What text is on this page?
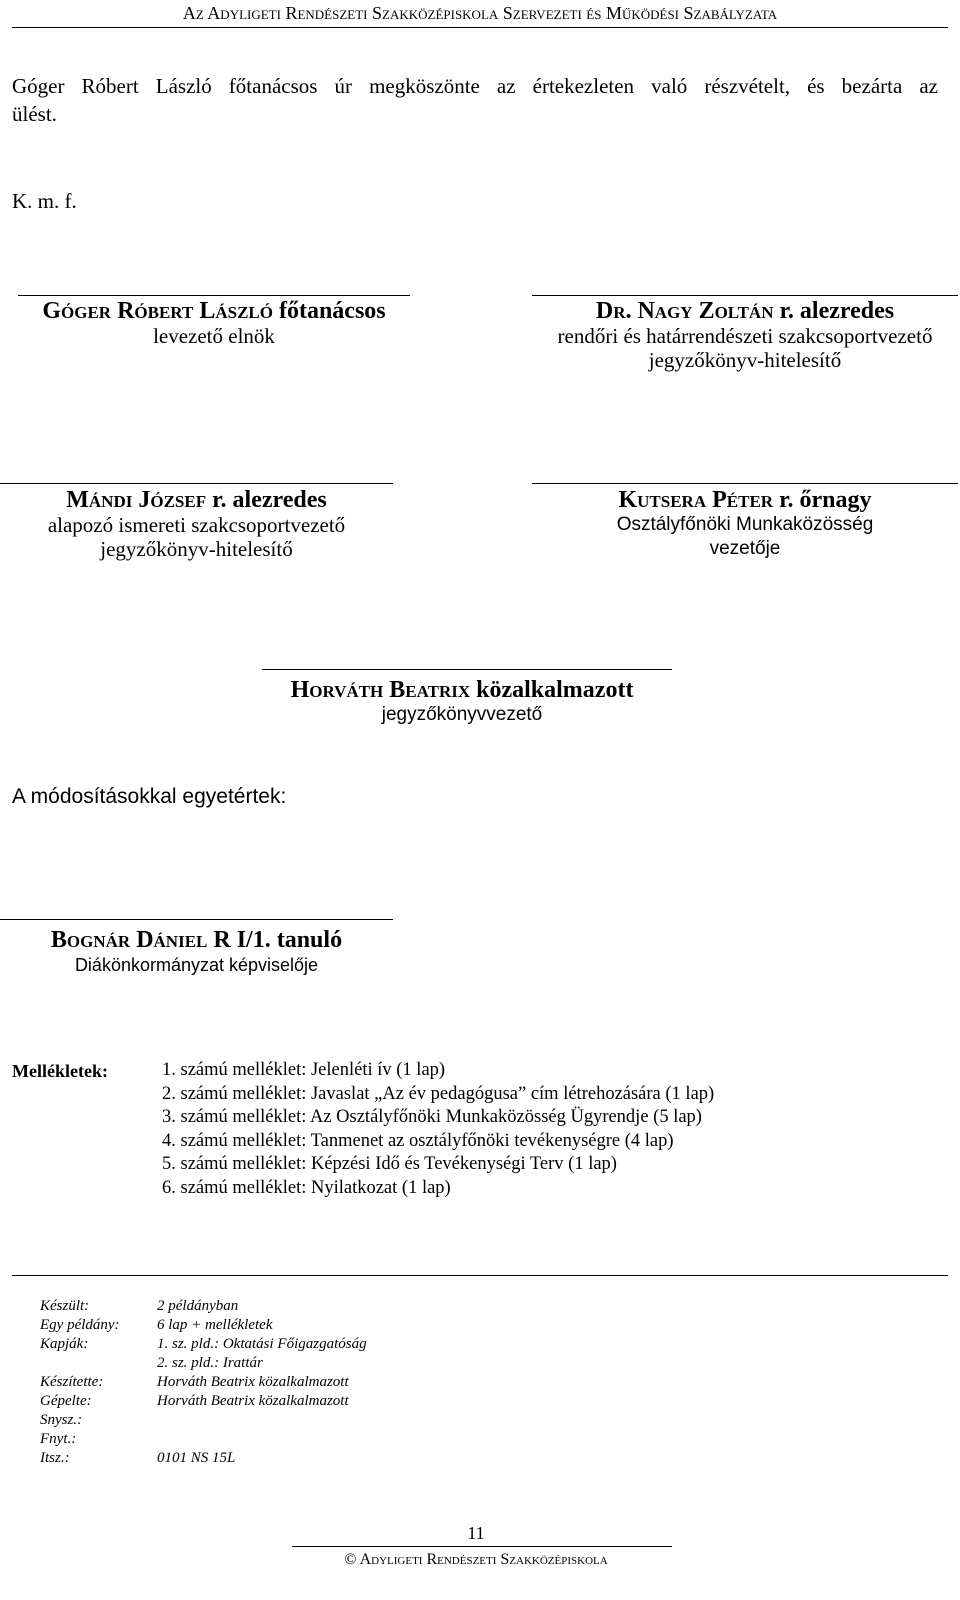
Az Adyligeti Rendészeti Szakközépiskola Szervezeti és Működési Szabályzata
Góger Róbert László főtanácsos úr megköszönte az értekezleten való részvételt, és bezárta az
ülést.
K. m. f.
Góger Róbert László főtanácsos
levezető elnök
Dr. Nagy Zoltán r. alezredes
rendőri és határrendészeti szakcsoportvezető
jegyzőkönyv-hitelesítő
Mándi József r. alezredes
alapozó ismereti szakcsoportvezető
jegyzőkönyv-hitelesítő
Kutsera Péter r. őrnagy
Osztályfőnöki Munkaközösség
vezetője
Horváth Beatrix közalkalmazott
jegyzőkönyvvezető
A módosításokkal egyetértek:
Bognár Dániel R I/1. tanuló
Diákönkormányzat képviselője
Mellékletek:	1. számú melléklet: Jelenléti ív (1 lap)
2. számú melléklet: Javaslat „Az év pedagógusa” cím létrehozására (1 lap)
3. számú melléklet: Az Osztályfőnöki Munkaközösség Ügyrendje (5 lap)
4. számú melléklet: Tanmenet az osztályfőnöki tevékenységre (4 lap)
5. számú melléklet: Képzési Idő és Tevékenységi Terv (1 lap)
6. számú melléklet: Nyilatkozat (1 lap)
Készült:	2 példányban
Egy példány:	6 lap + mellékletek
Kapják:	1. sz. pld.: Oktatási Főigazgatóság
2. sz. pld.: Irattár
Készítette:	Horváth Beatrix közalkalmazott
Gépelte:	Horváth Beatrix közalkalmazott
Snysz.:
Fnyt.:
Itsz.:	0101 NS 15L
11
© Adyligeti Rendészeti Szakközépiskola
